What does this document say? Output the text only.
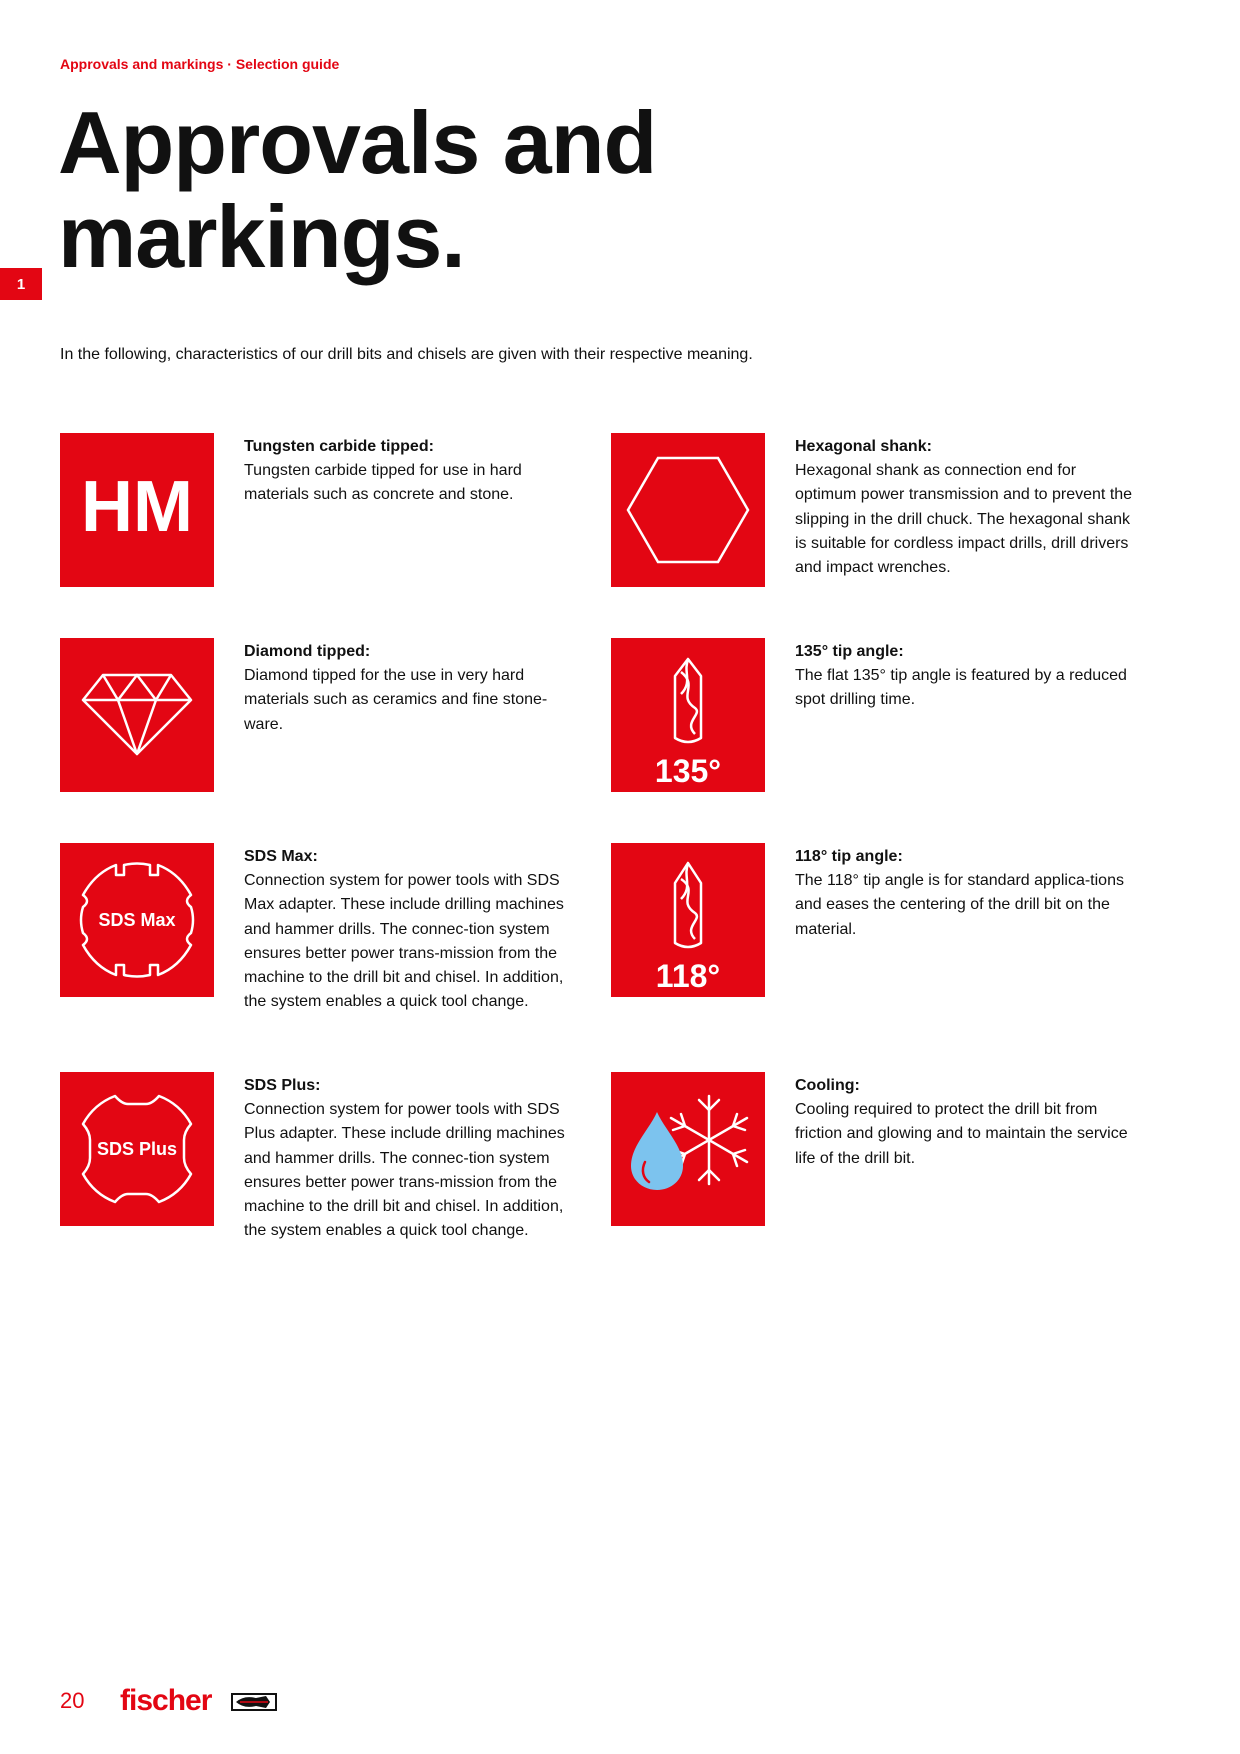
Approvals and markings · Selection guide
Approvals and markings.
1
In the following, characteristics of our drill bits and chisels are given with their respective meaning.
HM
Tungsten carbide tipped:
Tungsten carbide tipped for use in hard materials such as concrete and stone.
Hexagonal shank:
Hexagonal shank as connection end for optimum power transmission and to prevent the slipping in the drill chuck. The hexagonal shank is suitable for cordless impact drills, drill drivers and impact wrenches.
Diamond tipped:
Diamond tipped for the use in very hard materials such as ceramics and fine stone-ware.
135°
135° tip angle:
The flat 135° tip angle is featured by a reduced spot drilling time.
SDS Max
SDS Max:
Connection system for power tools with SDS Max adapter. These include drilling machines and hammer drills. The connec-tion system ensures better power trans-mission from the machine to the drill bit and chisel. In addition, the system enables a quick tool change.
118°
118° tip angle:
The 118° tip angle is for standard applica-tions and eases the centering of the drill bit on the material.
SDS Plus
SDS Plus:
Connection system for power tools with SDS Plus adapter. These include drilling machines and hammer drills. The connec-tion system ensures better power trans-mission from the machine to the drill bit and chisel. In addition, the system enables a quick tool change.
Cooling:
Cooling required to protect the drill bit from friction and glowing and to maintain the service life of the drill bit.
20 fischer
